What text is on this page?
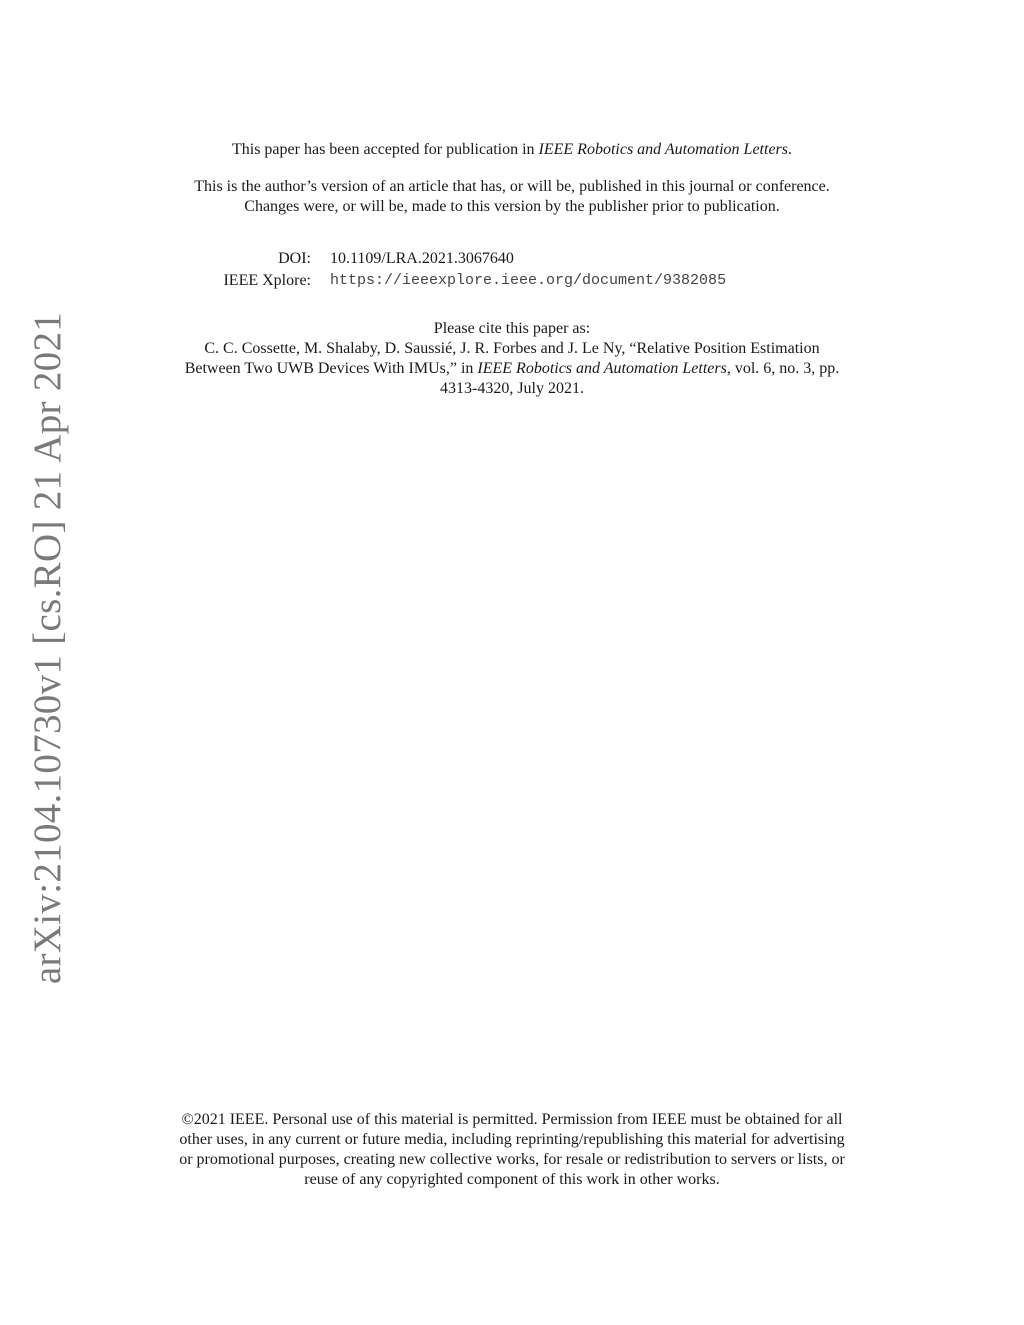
arXiv:2104.10730v1 [cs.RO] 21 Apr 2021

This paper has been accepted for publication in IEEE Robotics and Automation Letters.

This is the author’s version of an article that has, or will be, published in this journal or conference.

Changes were, or will be, made to this version by the publisher prior to publication.

DOI:	10.1109/LRA.2021.3067640
IEEE Xplore:	https://ieeexplore.ieee.org/document/9382085

Please cite this paper as:

C. C. Cossette, M. Shalaby, D. Saussié, J. R. Forbes and J. Le Ny, “Relative Position Estimation

Between Two UWB Devices With IMUs,” in IEEE Robotics and Automation Letters, vol. 6, no. 3, pp.

4313-4320, July 2021.

©2021 IEEE. Personal use of this material is permitted. Permission from IEEE must be obtained for all

other uses, in any current or future media, including reprinting/republishing this material for advertising

or promotional purposes, creating new collective works, for resale or redistribution to servers or lists, or

reuse of any copyrighted component of this work in other works.
